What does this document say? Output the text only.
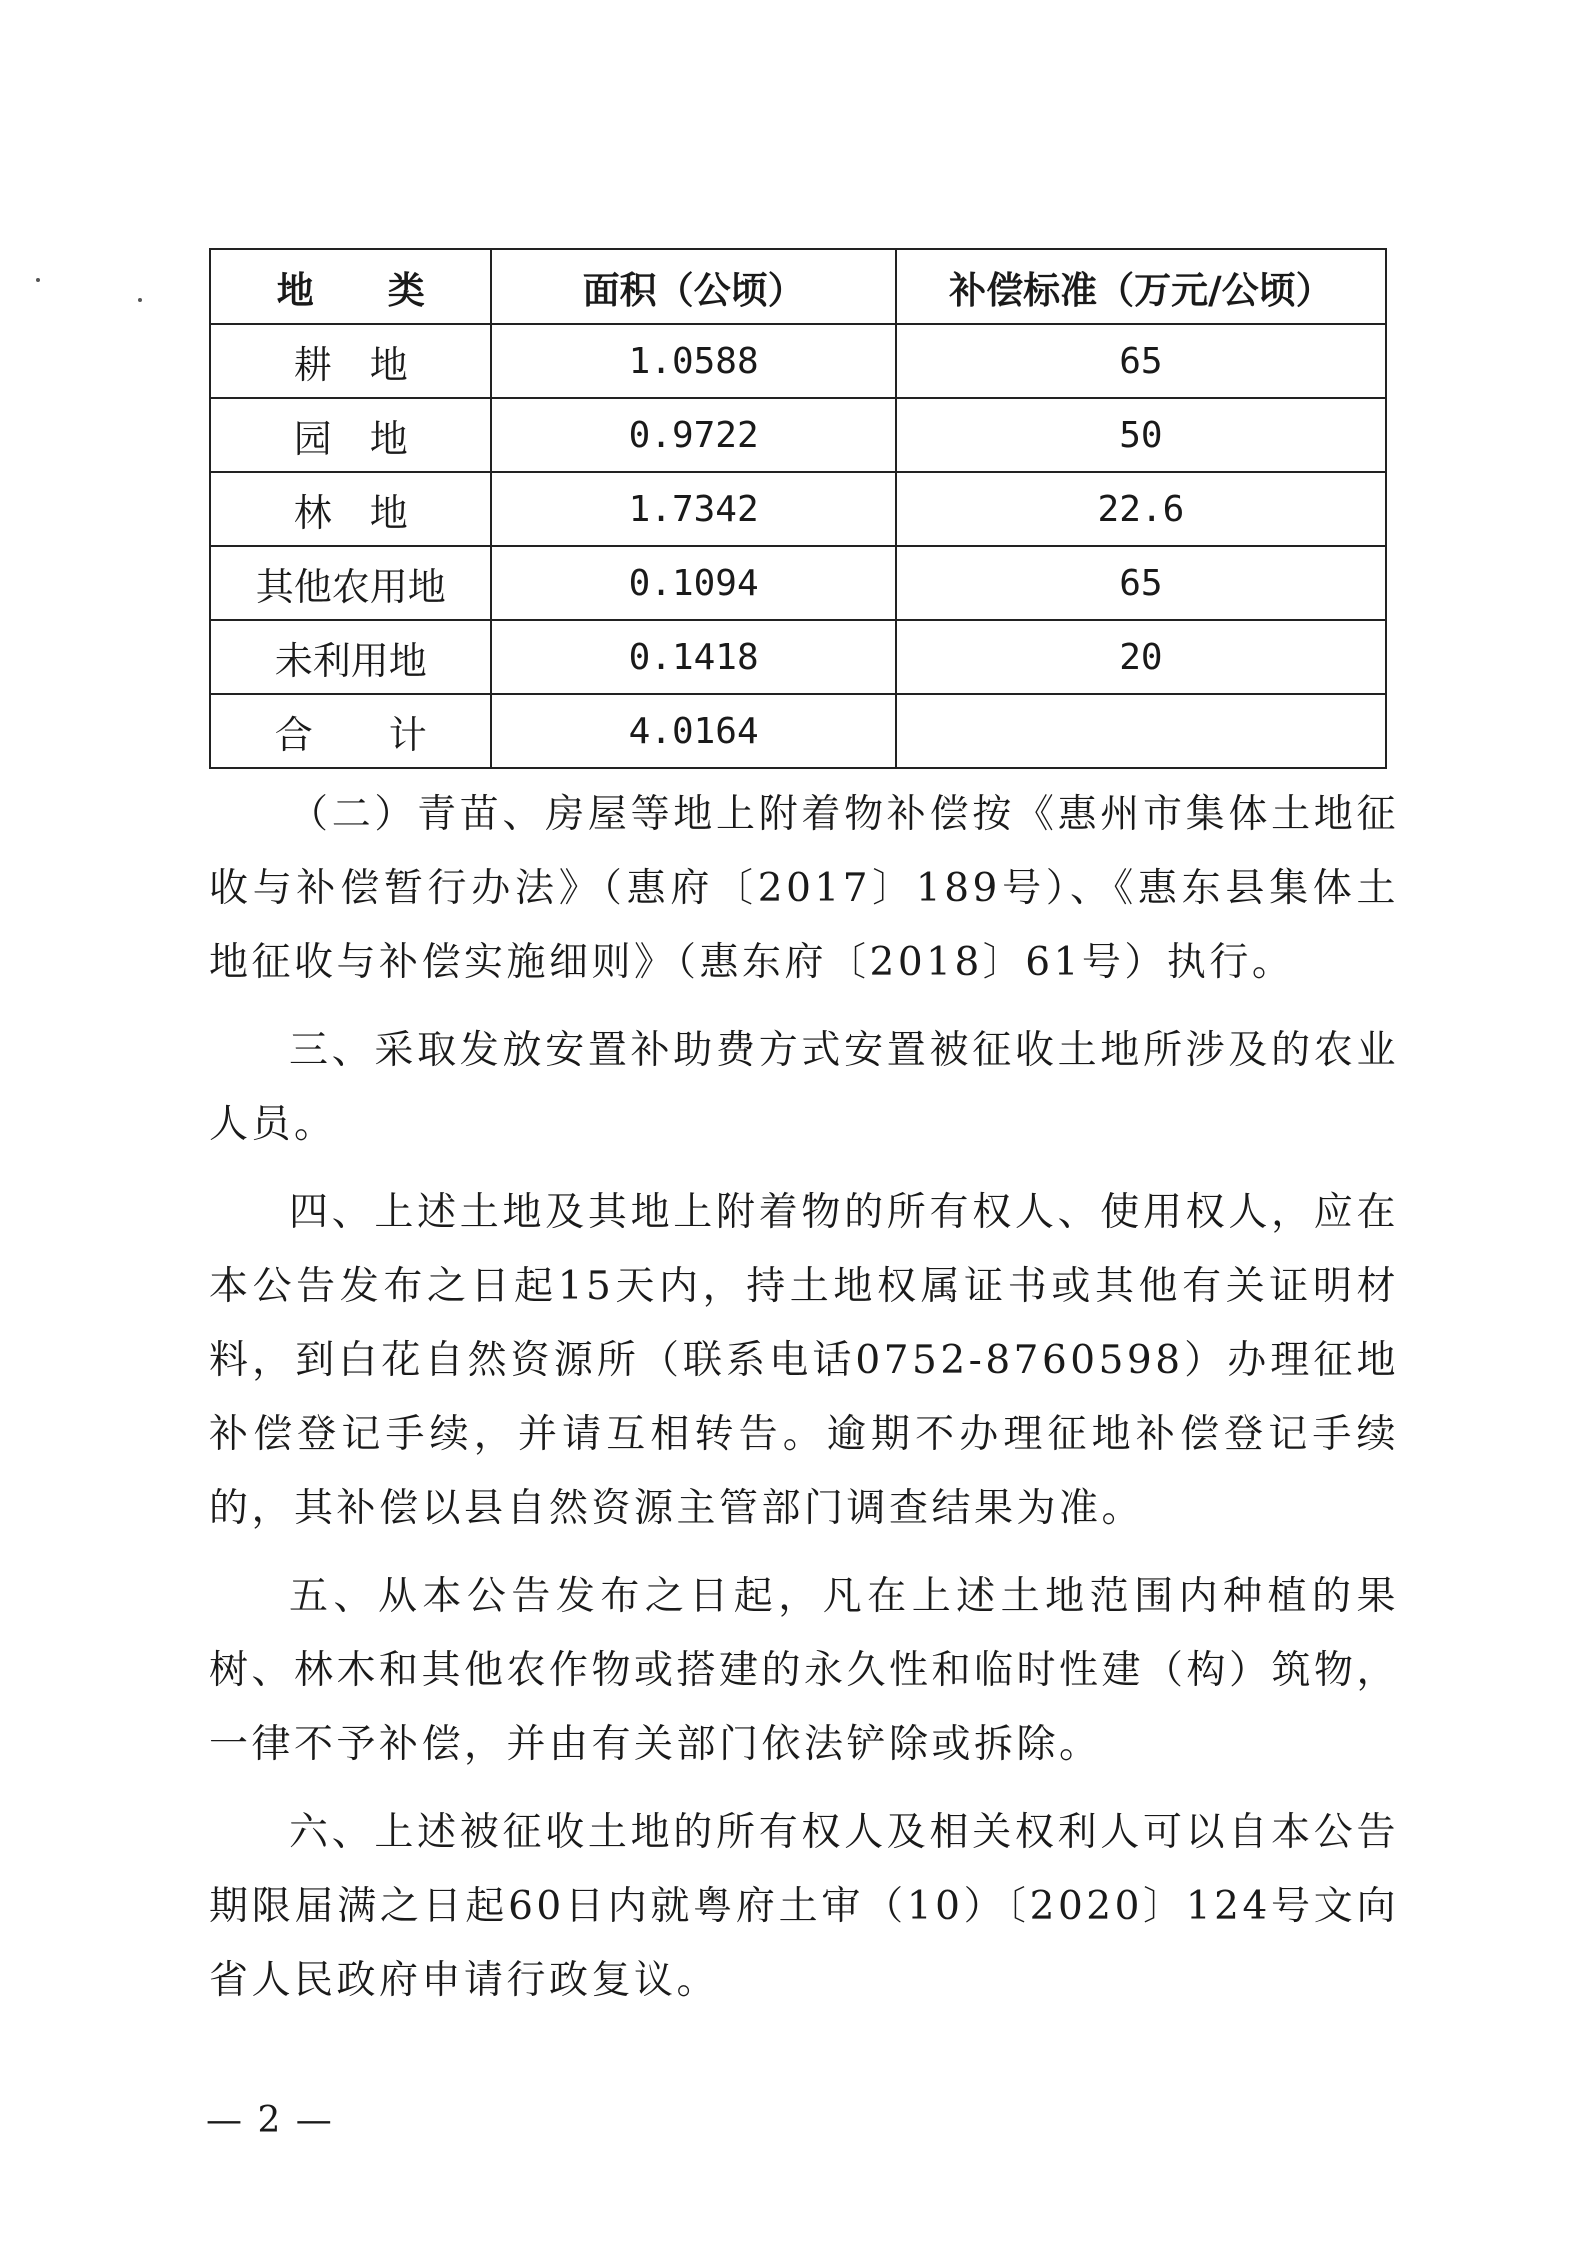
地　　类	面积（公顷）	补偿标准（万元/公顷）
耕　地	1.0588	65
园　地	0.9722	50
林　地	1.7342	22.6
其他农用地	0.1094	65
未利用地	0.1418	20
合　　计	4.0164	

（二）青苗、房屋等地上附着物补偿按《惠州市集体土地征收与补偿暂行办法》（惠府〔2017〕189号）、《惠东县集体土地征收与补偿实施细则》（惠东府〔2018〕61号）执行。

三、采取发放安置补助费方式安置被征收土地所涉及的农业人员。

四、上述土地及其地上附着物的所有权人、使用权人，应在本公告发布之日起15天内，持土地权属证书或其他有关证明材料，到白花自然资源所（联系电话0752-8760598）办理征地补偿登记手续，并请互相转告。逾期不办理征地补偿登记手续的，其补偿以县自然资源主管部门调查结果为准。

五、从本公告发布之日起，凡在上述土地范围内种植的果树、林木和其他农作物或搭建的永久性和临时性建（构）筑物，一律不予补偿，并由有关部门依法铲除或拆除。

六、上述被征收土地的所有权人及相关权利人可以自本公告期限届满之日起60日内就粤府土审（10）〔2020〕124号文向省人民政府申请行政复议。

— 2 —
